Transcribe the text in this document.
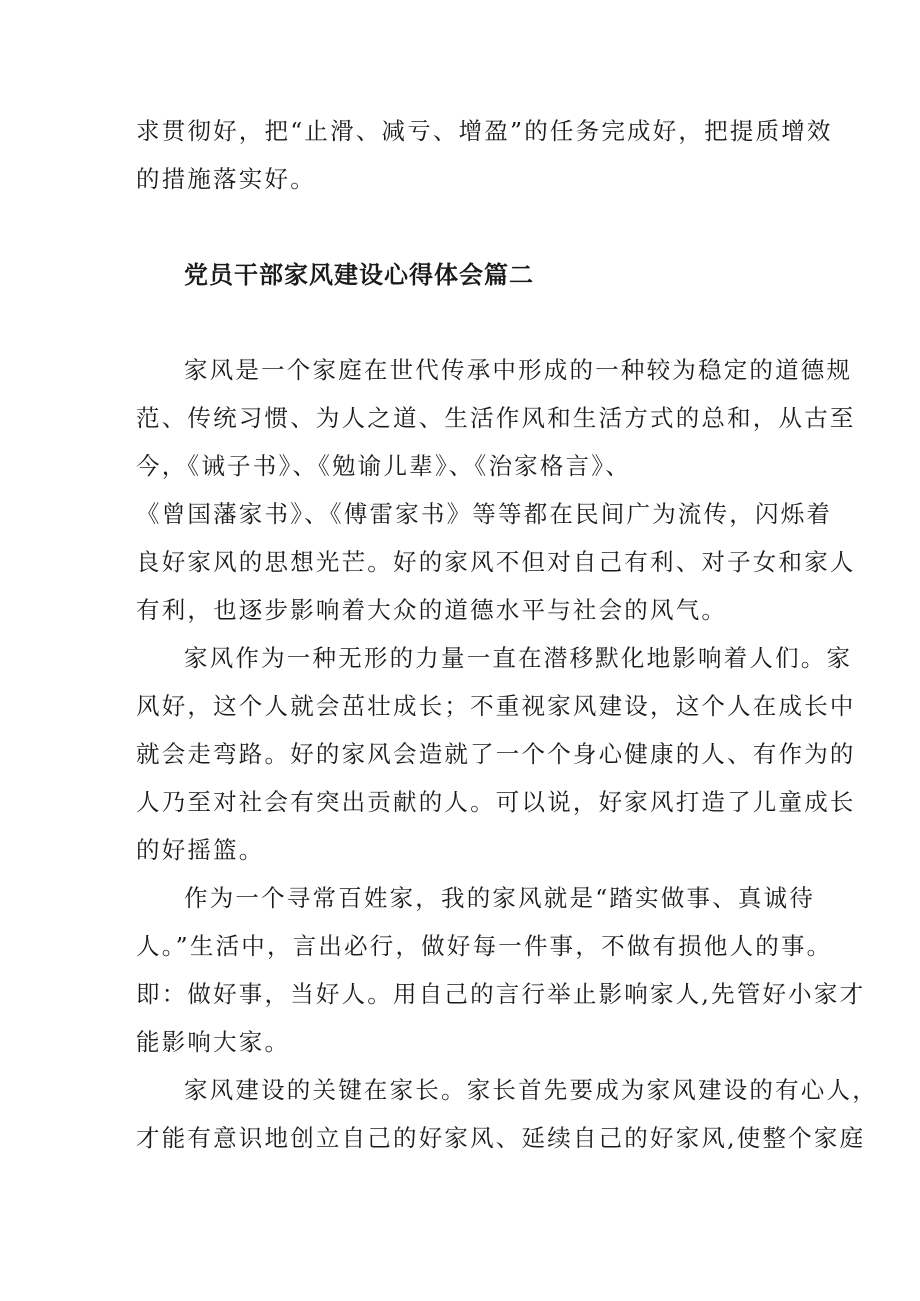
求贯彻好，把“止滑、减亏、增盈”的任务完成好，把提质增效
的措施落实好。
党员干部家风建设心得体会篇二
家风是一个家庭在世代传承中形成的一种较为稳定的道德规
范、传统习惯、为人之道、生活作风和生活方式的总和，从古至
今，《诫子书》、《勉谕儿辈》、《治家格言》、
《曾国藩家书》、《傅雷家书》等等都在民间广为流传，闪烁着
良好家风的思想光芒。好的家风不但对自己有利、对子女和家人
有利，也逐步影响着大众的道德水平与社会的风气。
家风作为一种无形的力量一直在潜移默化地影响着人们。家
风好，这个人就会茁壮成长；不重视家风建设，这个人在成长中
就会走弯路。好的家风会造就了一个个身心健康的人、有作为的
人乃至对社会有突出贡献的人。可以说，好家风打造了儿童成长
的好摇篮。
作为一个寻常百姓家，我的家风就是“踏实做事、真诚待
人。”生活中，言出必行，做好每一件事，不做有损他人的事。
即：做好事，当好人。用自己的言行举止影响家人,先管好小家才
能影响大家。
家风建设的关键在家长。家长首先要成为家风建设的有心人，
才能有意识地创立自己的好家风、延续自己的好家风,使整个家庭
